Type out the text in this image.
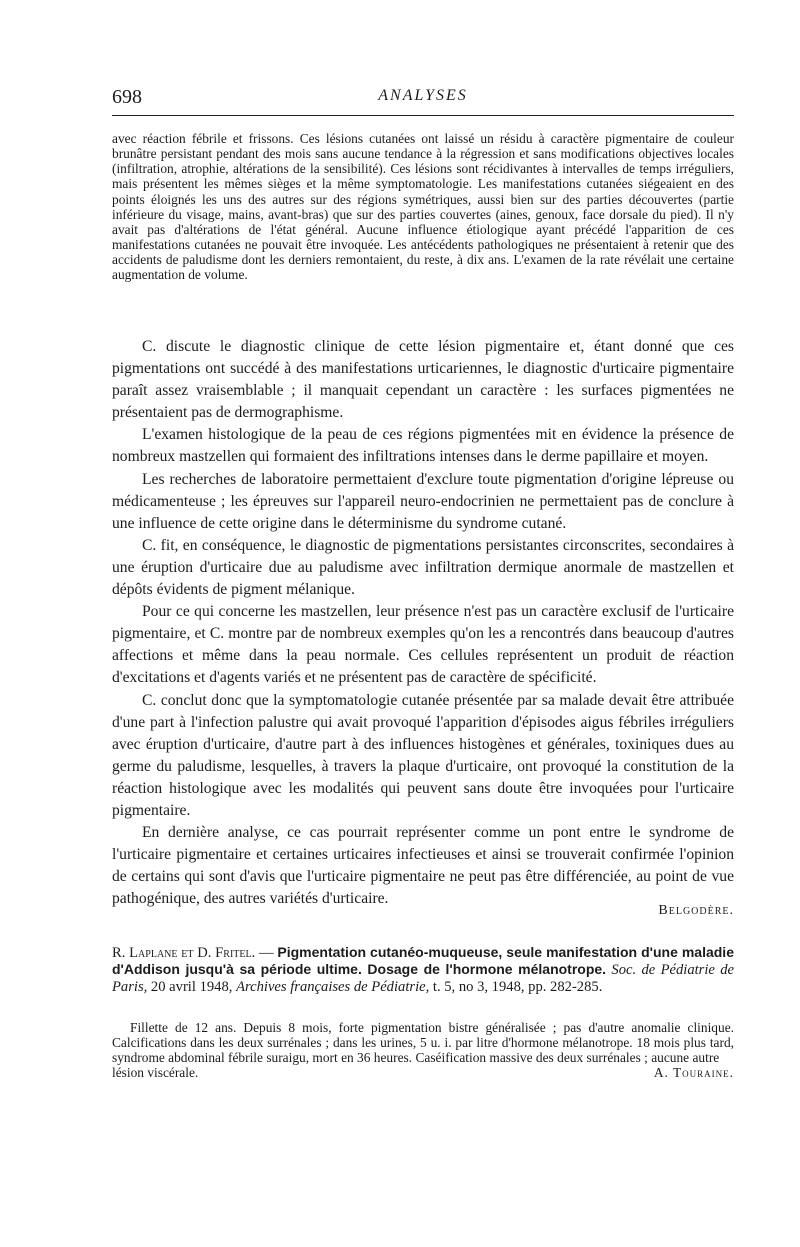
698	ANALYSES

avec réaction fébrile et frissons. Ces lésions cutanées ont laissé un résidu à caractère pigmentaire de couleur brunâtre persistant pendant des mois sans aucune tendance à la régression et sans modifications objectives locales (infiltration, atrophie, altérations de la sensibilité). Ces lésions sont récidivantes à intervalles de temps irréguliers, mais présentent les mêmes sièges et la même symptomatologie. Les manifestations cutanées siégeaient en des points éloignés les uns des autres sur des régions symétriques, aussi bien sur des parties découvertes (partie inférieure du visage, mains, avant-bras) que sur des parties couvertes (aines, genoux, face dorsale du pied). Il n'y avait pas d'altérations de l'état général. Aucune influence étiologique ayant précédé l'apparition de ces manifestations cutanées ne pouvait être invoquée. Les antécédents pathologiques ne présentaient à retenir que des accidents de paludisme dont les derniers remontaient, du reste, à dix ans. L'examen de la rate révélait une certaine augmentation de volume.

C. discute le diagnostic clinique de cette lésion pigmentaire et, étant donné que ces pigmentations ont succédé à des manifestations urticariennes, le diagnostic d'urticaire pigmentaire paraît assez vraisemblable ; il manquait cependant un caractère : les surfaces pigmentées ne présentaient pas de dermographisme.

L'examen histologique de la peau de ces régions pigmentées mit en évidence la présence de nombreux mastzellen qui formaient des infiltrations intenses dans le derme papillaire et moyen.

Les recherches de laboratoire permettaient d'exclure toute pigmentation d'origine lépreuse ou médicamenteuse ; les épreuves sur l'appareil neuro-endocrinien ne permettaient pas de conclure à une influence de cette origine dans le déterminisme du syndrome cutané.

C. fit, en conséquence, le diagnostic de pigmentations persistantes circonscrites, secondaires à une éruption d'urticaire due au paludisme avec infiltration dermique anormale de mastzellen et dépôts évidents de pigment mélanique.

Pour ce qui concerne les mastzellen, leur présence n'est pas un caractère exclusif de l'urticaire pigmentaire, et C. montre par de nombreux exemples qu'on les a rencontrés dans beaucoup d'autres affections et même dans la peau normale. Ces cellules représentent un produit de réaction d'excitations et d'agents variés et ne présentent pas de caractère de spécificité.

C. conclut donc que la symptomatologie cutanée présentée par sa malade devait être attribuée d'une part à l'infection palustre qui avait provoqué l'apparition d'épisodes aigus fébriles irréguliers avec éruption d'urticaire, d'autre part à des influences histogènes et générales, toxiniques dues au germe du paludisme, lesquelles, à travers la plaque d'urticaire, ont provoqué la constitution de la réaction histologique avec les modalités qui peuvent sans doute être invoquées pour l'urticaire pigmentaire.

En dernière analyse, ce cas pourrait représenter comme un pont entre le syndrome de l'urticaire pigmentaire et certaines urticaires infectieuses et ainsi se trouverait confirmée l'opinion de certains qui sont d'avis que l'urticaire pigmentaire ne peut pas être différenciée, au point de vue pathogénique, des autres variétés d'urticaire.

Belgodère.

R. Laplane et D. Fritel. — Pigmentation cutanéo-muqueuse, seule manifestation d'une maladie d'Addison jusqu'à sa période ultime. Dosage de l'hormone mélanotrope. Soc. de Pédiatrie de Paris, 20 avril 1948, Archives françaises de Pédiatrie, t. 5, no 3, 1948, pp. 282-285.

Fillette de 12 ans. Depuis 8 mois, forte pigmentation bistre généralisée ; pas d'autre anomalie clinique. Calcifications dans les deux surrénales ; dans les urines, 5 u. i. par litre d'hormone mélanotrope. 18 mois plus tard, syndrome abdominal fébrile suraigu, mort en 36 heures. Caséification massive des deux surrénales ; aucune autre

lésion viscérale.	A. Touraine.
